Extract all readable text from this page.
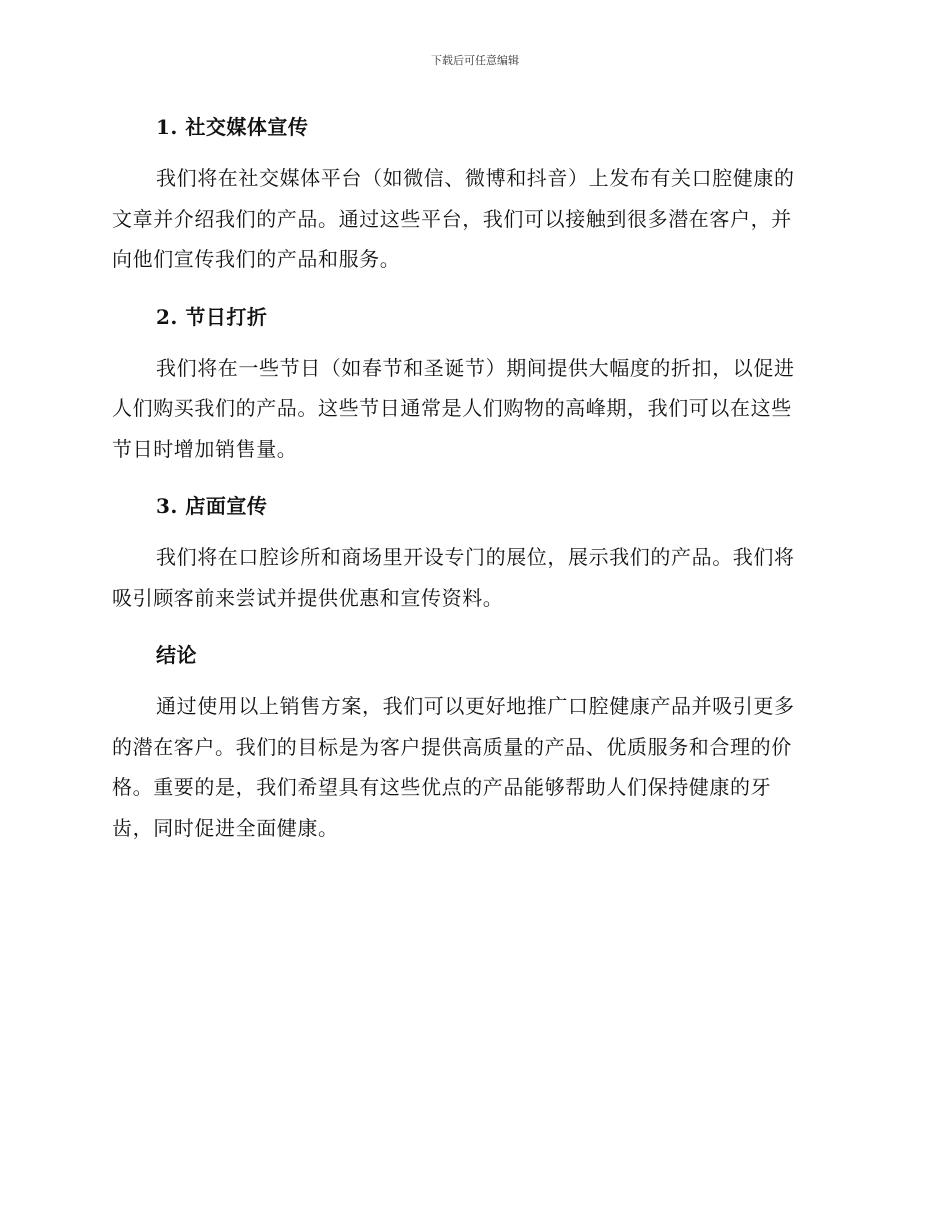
下载后可任意编辑
1. 社交媒体宣传

我们将在社交媒体平台（如微信、微博和抖音）上发布有关口腔健康的
文章并介绍我们的产品。通过这些平台，我们可以接触到很多潜在客户，并
向他们宣传我们的产品和服务。

2. 节日打折

我们将在一些节日（如春节和圣诞节）期间提供大幅度的折扣，以促进
人们购买我们的产品。这些节日通常是人们购物的高峰期，我们可以在这些
节日时增加销售量。

3. 店面宣传

我们将在口腔诊所和商场里开设专门的展位，展示我们的产品。我们将
吸引顾客前来尝试并提供优惠和宣传资料。

结论

通过使用以上销售方案，我们可以更好地推广口腔健康产品并吸引更多
的潜在客户。我们的目标是为客户提供高质量的产品、优质服务和合理的价
格。重要的是，我们希望具有这些优点的产品能够帮助人们保持健康的牙
齿，同时促进全面健康。
